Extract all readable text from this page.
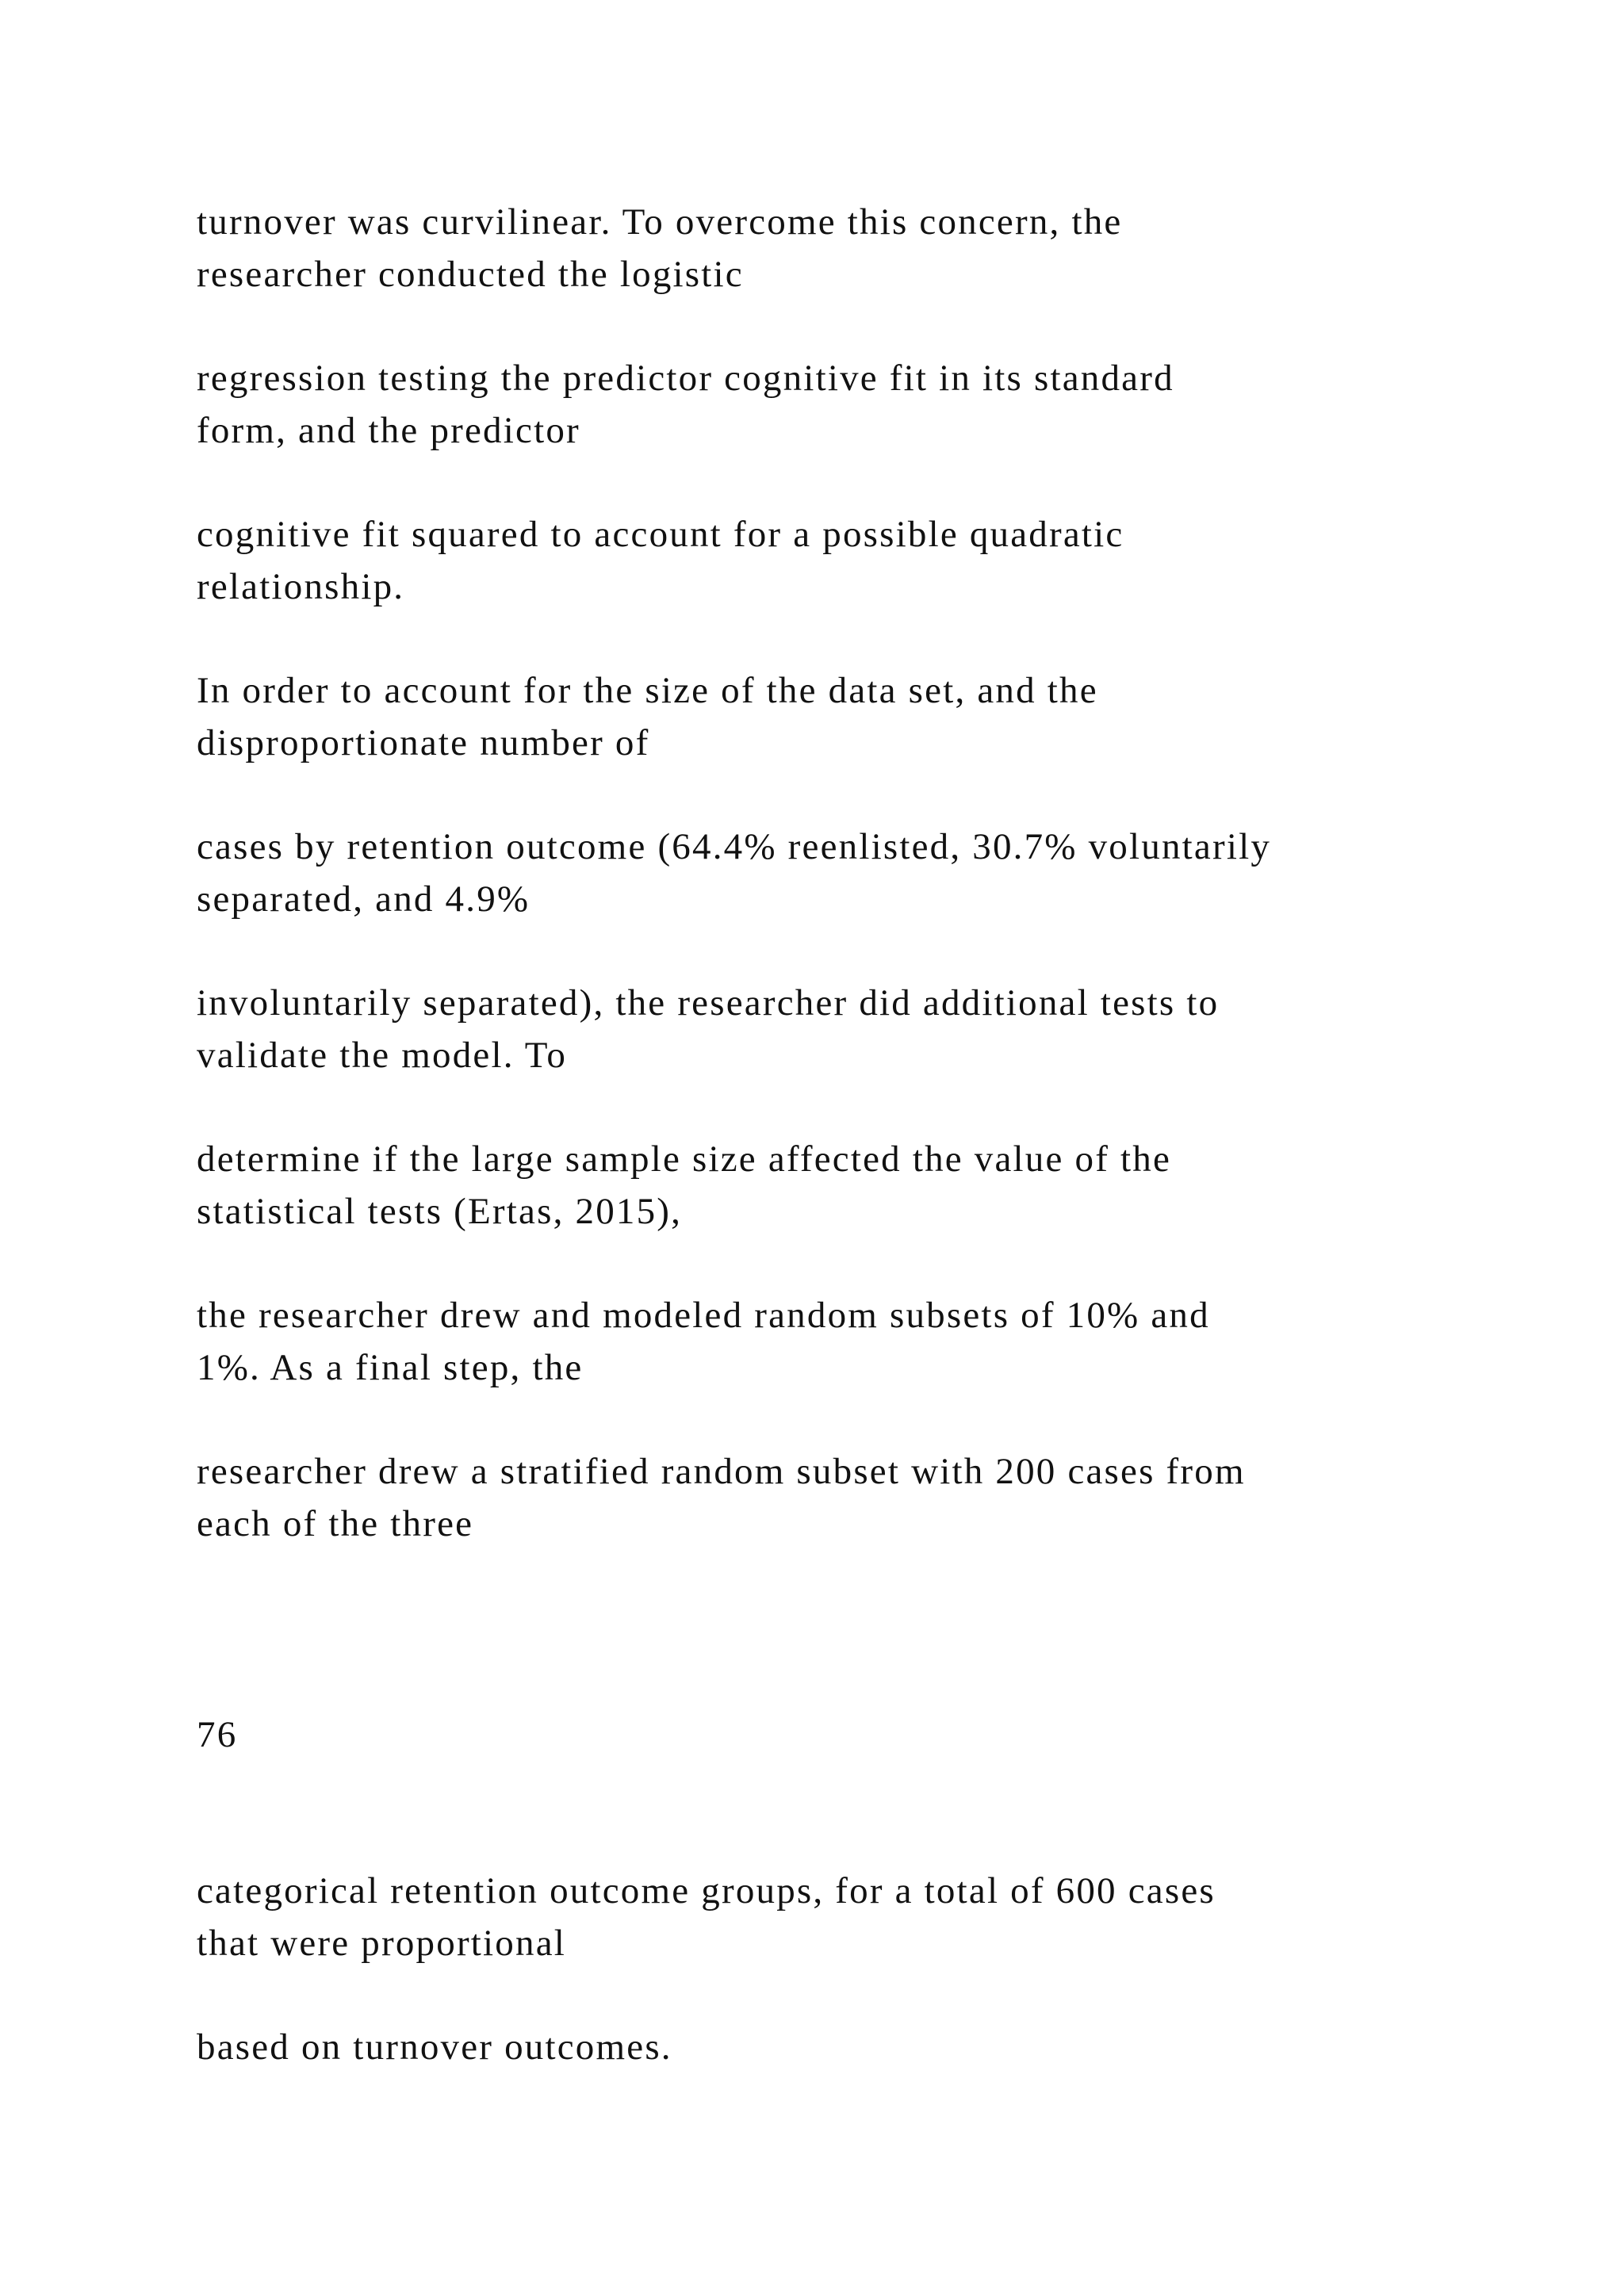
turnover was curvilinear. To overcome this concern, the
researcher conducted the logistic

regression testing the predictor cognitive fit in its standard
form, and the predictor

cognitive fit squared to account for a possible quadratic
relationship.

In order to account for the size of the data set, and the
disproportionate number of

cases by retention outcome (64.4% reenlisted, 30.7% voluntarily
separated, and 4.9%

involuntarily separated), the researcher did additional tests to
validate the model. To

determine if the large sample size affected the value of the
statistical tests (Ertas, 2015),

the researcher drew and modeled random subsets of 10% and
1%. As a final step, the

researcher drew a stratified random subset with 200 cases from
each of the three

76

categorical retention outcome groups, for a total of 600 cases
that were proportional

based on turnover outcomes.
